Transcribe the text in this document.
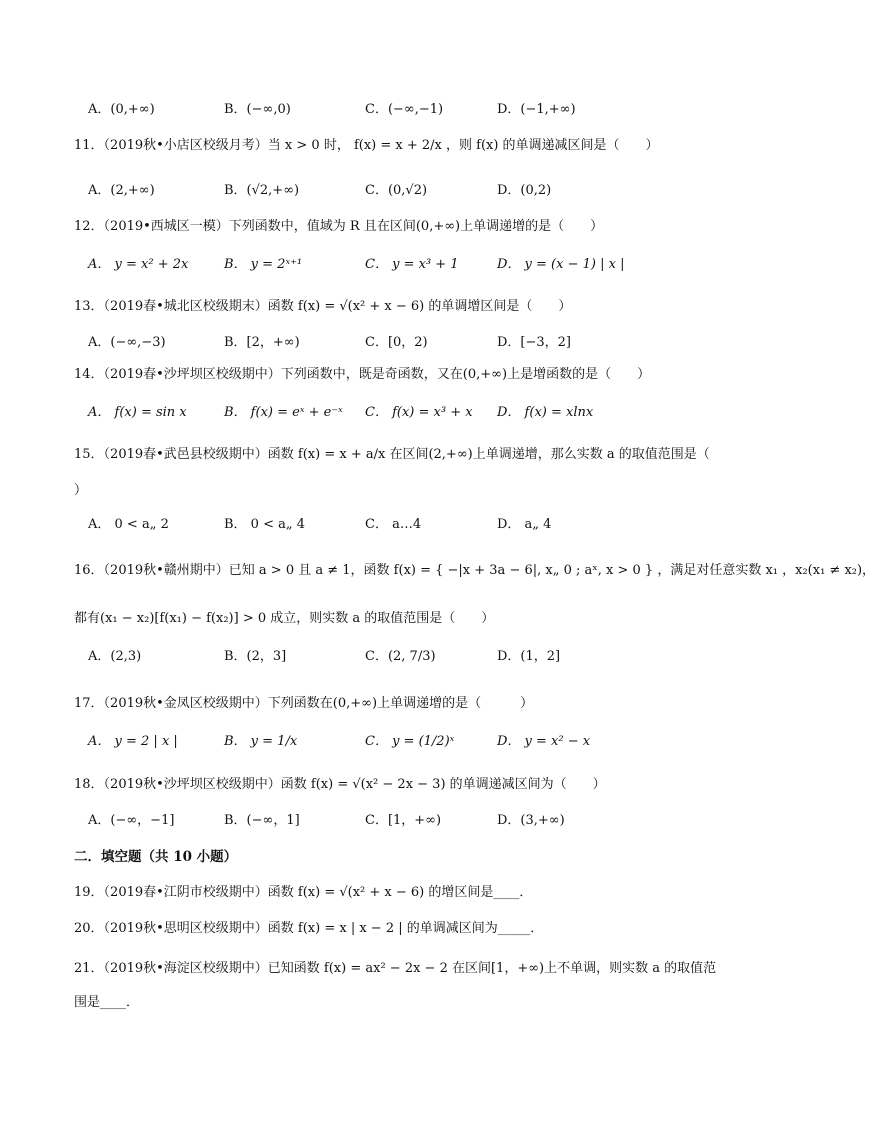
A．(0,+∞)	B．(−∞,0)	C．(−∞,−1)	D．(−1,+∞)
11．（2019秋•小店区校级月考）当 x > 0 时， f(x) = x + 2/x ，则 f(x) 的单调递减区间是（　　）
A．(2,+∞)	B．(√2,+∞)	C．(0,√2)	D．(0,2)
12．（2019•西城区一模）下列函数中，值域为 R 且在区间(0,+∞)上单调递增的是（　　）
A． y = x² + 2x	B． y = 2ˣ⁺¹	C． y = x³ + 1	D． y = (x − 1) | x |
13．（2019春•城北区校级期末）函数 f(x) = √(x² + x − 6) 的单调增区间是（　　）
A．(−∞,−3)	B．[2，+∞)	C．[0，2)	D．[−3，2]
14．（2019春•沙坪坝区校级期中）下列函数中，既是奇函数，又在(0,+∞)上是增函数的是（　　）
A． f(x) = sin x	B． f(x) = eˣ + e⁻ˣ C． f(x) = x³ + x D． f(x) = xlnx
15．（2019春•武邑县校级期中）函数 f(x) = x + a/x 在区间(2,+∞)上单调递增，那么实数 a 的取值范围是（
）
A． 0 < a„ 2	B． 0 < a„ 4	C． a…4	D． a„ 4
16．（2019秋•赣州期中）已知 a > 0 且 a ≠ 1，函数 f(x) = { −|x + 3a − 6|, x„ 0 ; aˣ, x > 0 } ，满足对任意实数 x₁ ，x₂(x₁ ≠ x₂)，
都有(x₁ − x₂)[f(x₁) − f(x₂)] > 0 成立，则实数 a 的取值范围是（　　）
A．(2,3)	B．(2，3]	C．(2, 7/3)	D．(1，2]
17．（2019秋•金凤区校级期中）下列函数在(0,+∞)上单调递增的是（　　　）
A． y = 2 | x |	B． y = 1/x	C． y = (1/2)ˣ	D． y = x² − x
18．（2019秋•沙坪坝区校级期中）函数 f(x) = √(x² − 2x − 3) 的单调递减区间为（　　）
A．(−∞，−1]	B．(−∞，1]	C．[1，+∞)	D．(3,+∞)
二．填空题（共 10 小题）
19．（2019春•江阴市校级期中）函数 f(x) = √(x² + x − 6) 的增区间是____．
20．（2019秋•思明区校级期中）函数 f(x) = x | x − 2 | 的单调减区间为_____．
21．（2019秋•海淀区校级期中）已知函数 f(x) = ax² − 2x − 2 在区间[1，+∞)上不单调，则实数 a 的取值范
围是____．
